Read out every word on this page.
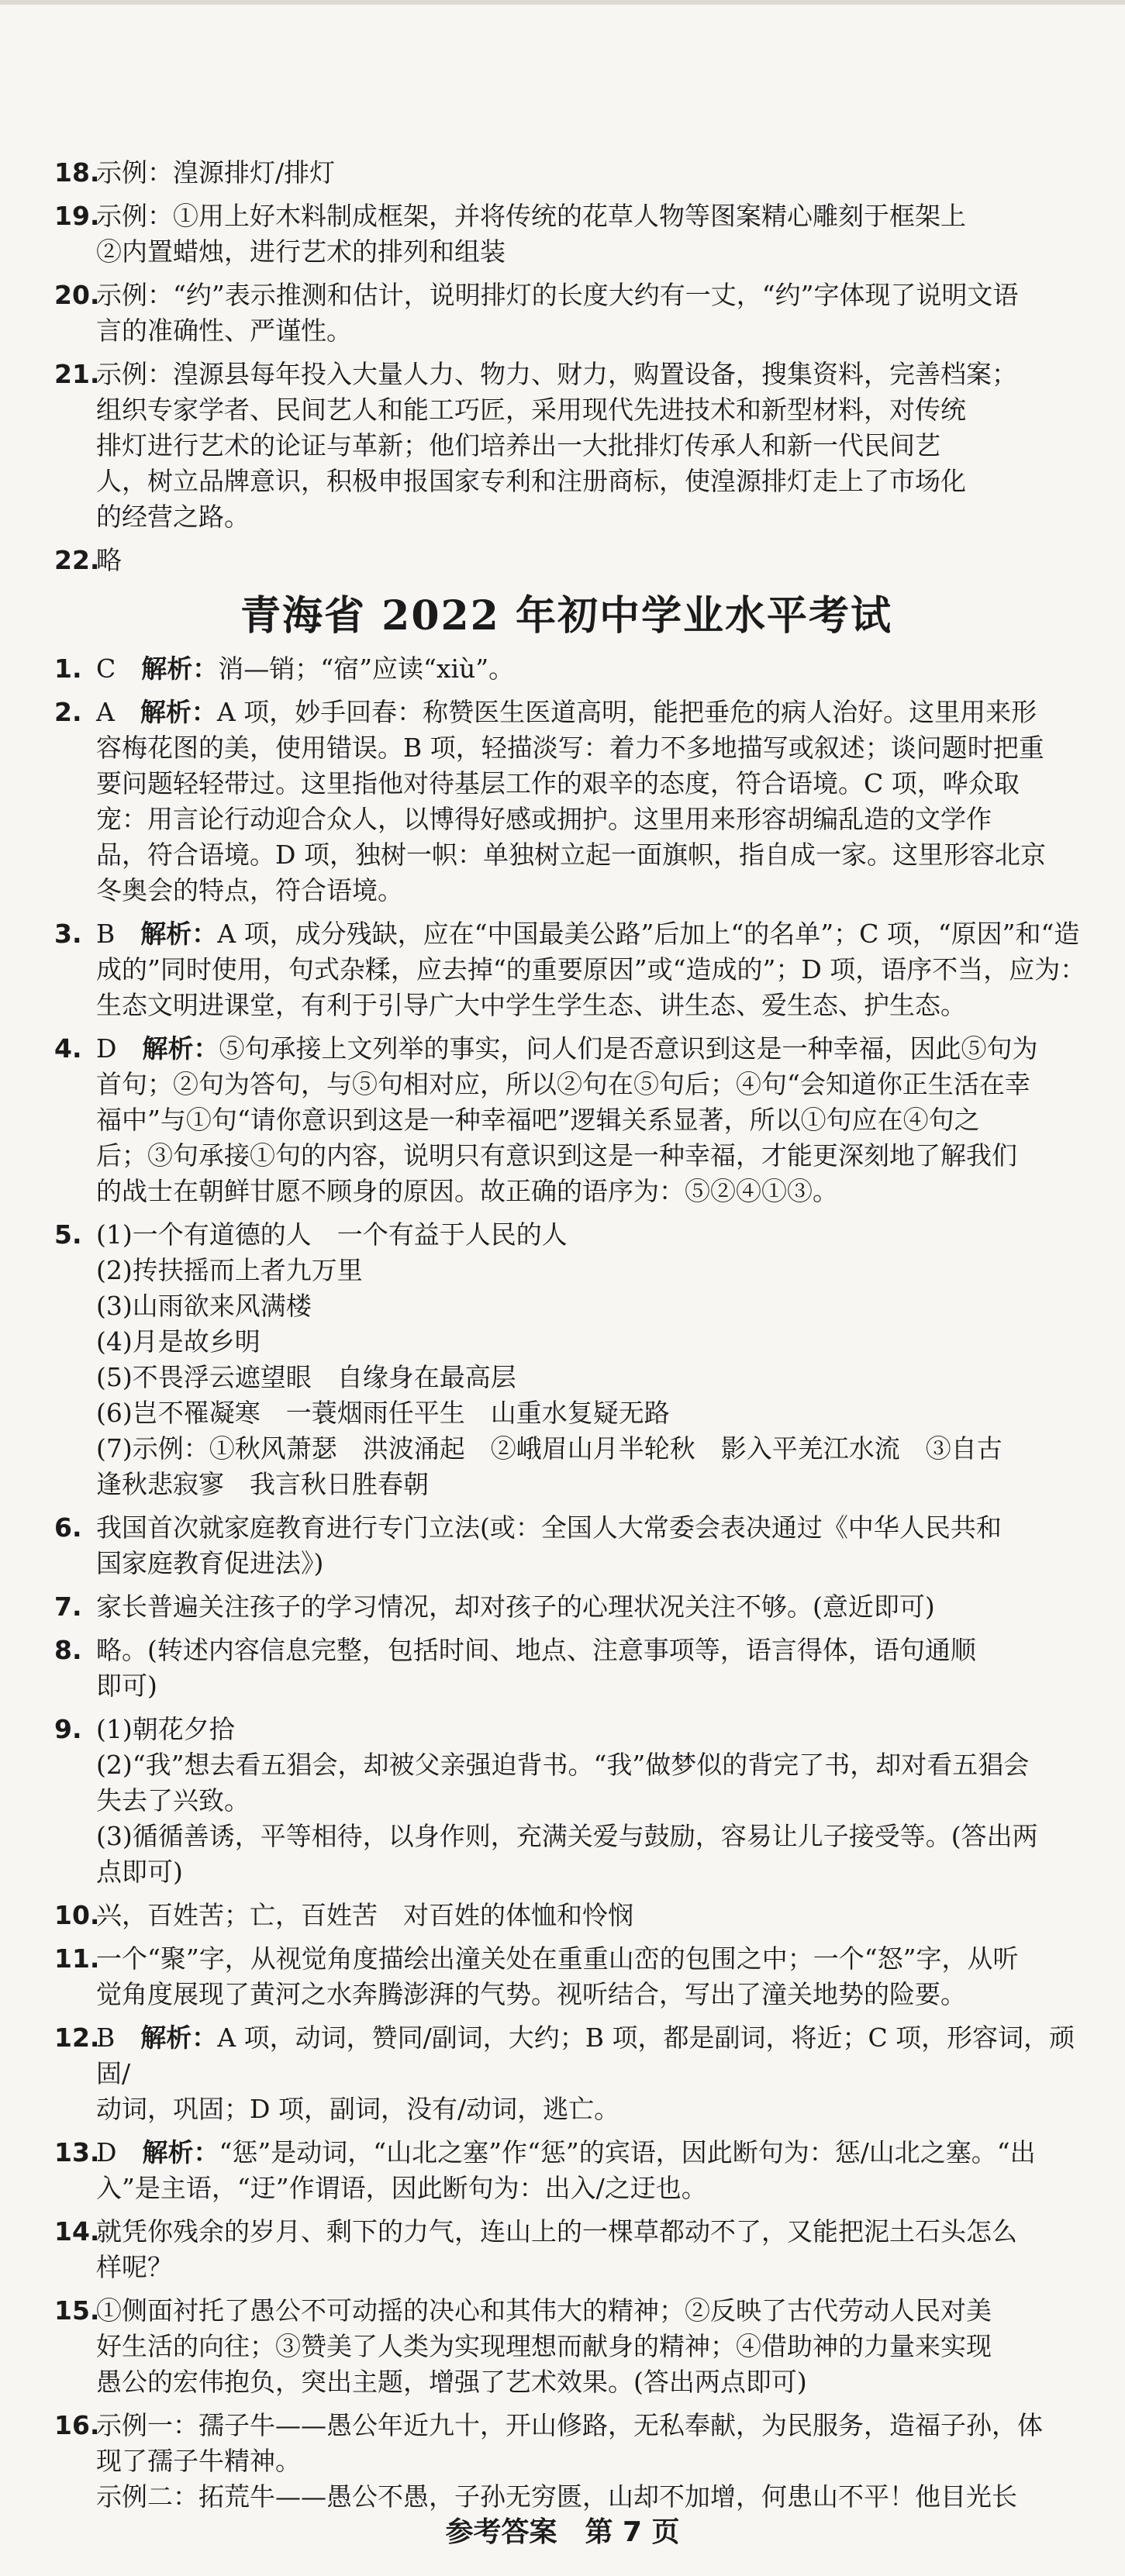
18.
示例：湟源排灯/排灯

19.
示例：①用上好木料制成框架，并将传统的花草人物等图案精心雕刻于框架上

②内置蜡烛，进行艺术的排列和组装

20.
示例：“约”表示推测和估计，说明排灯的长度大约有一丈，“约”字体现了说明文语

言的准确性、严谨性。

21.
示例：湟源县每年投入大量人力、物力、财力，购置设备，搜集资料，完善档案；

组织专家学者、民间艺人和能工巧匠，采用现代先进技术和新型材料，对传统

排灯进行艺术的论证与革新；他们培养出一大批排灯传承人和新一代民间艺

人，树立品牌意识，积极申报国家专利和注册商标，使湟源排灯走上了市场化

的经营之路。

22.
略

青海省 2022 年初中学业水平考试

1. C　 解析：消—销；“宿”应读“xiù”。

2. A　 解析：A 项，妙手回春：称赞医生医道高明，能把垂危的病人治好。这里用来形

容梅花图的美，使用错误。B 项，轻描淡写：着力不多地描写或叙述；谈问题时把重

要问题轻轻带过。这里指他对待基层工作的艰辛的态度，符合语境。C 项，哗众取

宠：用言论行动迎合众人，以博得好感或拥护。这里用来形容胡编乱造的文学作

品，符合语境。D 项，独树一帜：单独树立起一面旗帜，指自成一家。这里形容北京

冬奥会的特点，符合语境。

3. B　 解析：A 项，成分残缺，应在“中国最美公路”后加上“的名单”；C 项，“原因”和“造

成的”同时使用，句式杂糅，应去掉“的重要原因”或“造成的”；D 项，语序不当，应为：

生态文明进课堂，有利于引导广大中学生学生态、讲生态、爱生态、护生态。

4. D　 解析：⑤句承接上文列举的事实，问人们是否意识到这是一种幸福，因此⑤句为

首句；②句为答句，与⑤句相对应，所以②句在⑤句后；④句“会知道你正生活在幸

福中”与①句“请你意识到这是一种幸福吧”逻辑关系显著，所以①句应在④句之

后；③句承接①句的内容，说明只有意识到这是一种幸福，才能更深刻地了解我们

的战士在朝鲜甘愿不顾身的原因。故正确的语序为：⑤②④①③。

5. (1)一个有道德的人　一个有益于人民的人

(2)抟扶摇而上者九万里

(3)山雨欲来风满楼

(4)月是故乡明

(5)不畏浮云遮望眼　自缘身在最高层

(6)岂不罹凝寒　一蓑烟雨任平生　山重水复疑无路

(7)示例：①秋风萧瑟　洪波涌起　②峨眉山月半轮秋　影入平羌江水流　③自古

逢秋悲寂寥　我言秋日胜春朝

6. 我国首次就家庭教育进行专门立法(或：全国人大常委会表决通过《中华人民共和

国家庭教育促进法》)

7. 家长普遍关注孩子的学习情况，却对孩子的心理状况关注不够。(意近即可)

8. 略。(转述内容信息完整，包括时间、地点、注意事项等，语言得体，语句通顺

即可)

9. (1)朝花夕拾

(2)“我”想去看五猖会，却被父亲强迫背书。“我”做梦似的背完了书，却对看五猖会

失去了兴致。

(3)循循善诱，平等相待，以身作则，充满关爱与鼓励，容易让儿子接受等。(答出两

点即可)

10.
兴，百姓苦；亡，百姓苦　对百姓的体恤和怜悯

11.
一个“聚”字，从视觉角度描绘出潼关处在重重山峦的包围之中；一个“怒”字，从听

觉角度展现了黄河之水奔腾澎湃的气势。视听结合，写出了潼关地势的险要。

12.
B　 解析：A 项，动词，赞同/副词，大约；B 项，都是副词，将近；C 项，形容词，顽固/

动词，巩固；D 项，副词，没有/动词，逃亡。

13.
D　 解析：“惩”是动词，“山北之塞”作“惩”的宾语，因此断句为：惩/山北之塞。“出

入”是主语，“迂”作谓语，因此断句为：出入/之迂也。

14.
就凭你残余的岁月、剩下的力气，连山上的一棵草都动不了，又能把泥土石头怎么

样呢？

15.
①侧面衬托了愚公不可动摇的决心和其伟大的精神；②反映了古代劳动人民对美

好生活的向往；③赞美了人类为实现理想而献身的精神；④借助神的力量来实现

愚公的宏伟抱负，突出主题，增强了艺术效果。(答出两点即可)

16.
示例一：孺子牛——愚公年近九十，开山修路，无私奉献，为民服务，造福子孙，体

现了孺子牛精神。

示例二：拓荒牛——愚公不愚，子孙无穷匮，山却不加增，何患山不平！他目光长

参考答案　第 7 页
